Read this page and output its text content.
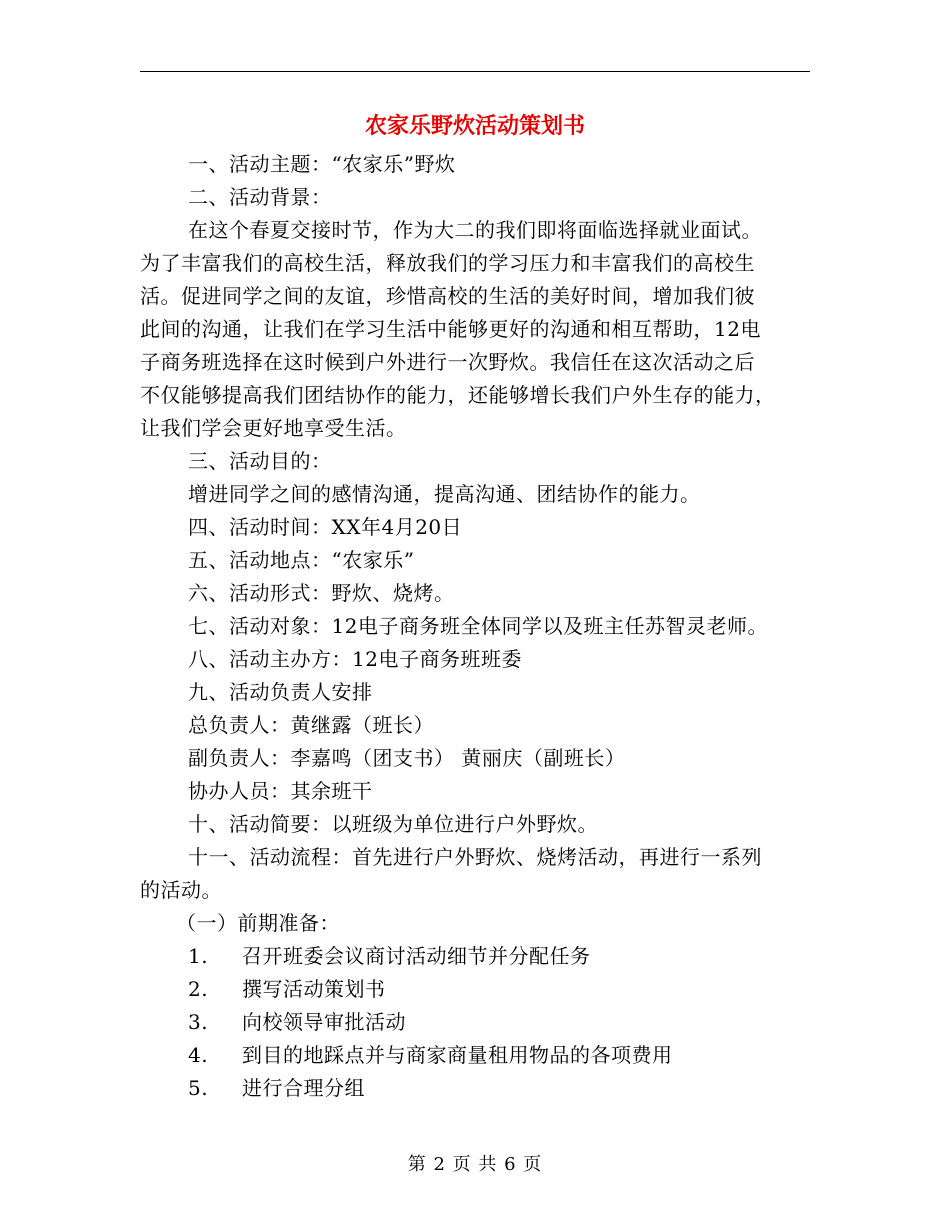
农家乐野炊活动策划书

一、活动主题：“农家乐”野炊

二、活动背景：

在这个春夏交接时节，作为大二的我们即将面临选择就业面试。

为了丰富我们的高校生活，释放我们的学习压力和丰富我们的高校生

活。促进同学之间的友谊，珍惜高校的生活的美好时间，增加我们彼

此间的沟通，让我们在学习生活中能够更好的沟通和相互帮助，12电

子商务班选择在这时候到户外进行一次野炊。我信任在这次活动之后

不仅能够提高我们团结协作的能力，还能够增长我们户外生存的能力，

让我们学会更好地享受生活。

三、活动目的：

增进同学之间的感情沟通，提高沟通、团结协作的能力。

四、活动时间：XX年4月20日

五、活动地点：“农家乐”

六、活动形式：野炊、烧烤。

七、活动对象：12电子商务班全体同学以及班主任苏智灵老师。

八、活动主办方：12电子商务班班委

九、活动负责人安排

总负责人：黄继露（班长）

副负责人：李嘉鸣（团支书） 黄丽庆（副班长）

协办人员：其余班干

十、活动简要：以班级为单位进行户外野炊。

十一、活动流程：首先进行户外野炊、烧烤活动，再进行一系列

的活动。

（一）前期准备：

1.	召开班委会议商讨活动细节并分配任务
2.	撰写活动策划书
3.	向校领导审批活动
4.	到目的地踩点并与商家商量租用物品的各项费用
5.	进行合理分组
第 2 页 共 6 页
